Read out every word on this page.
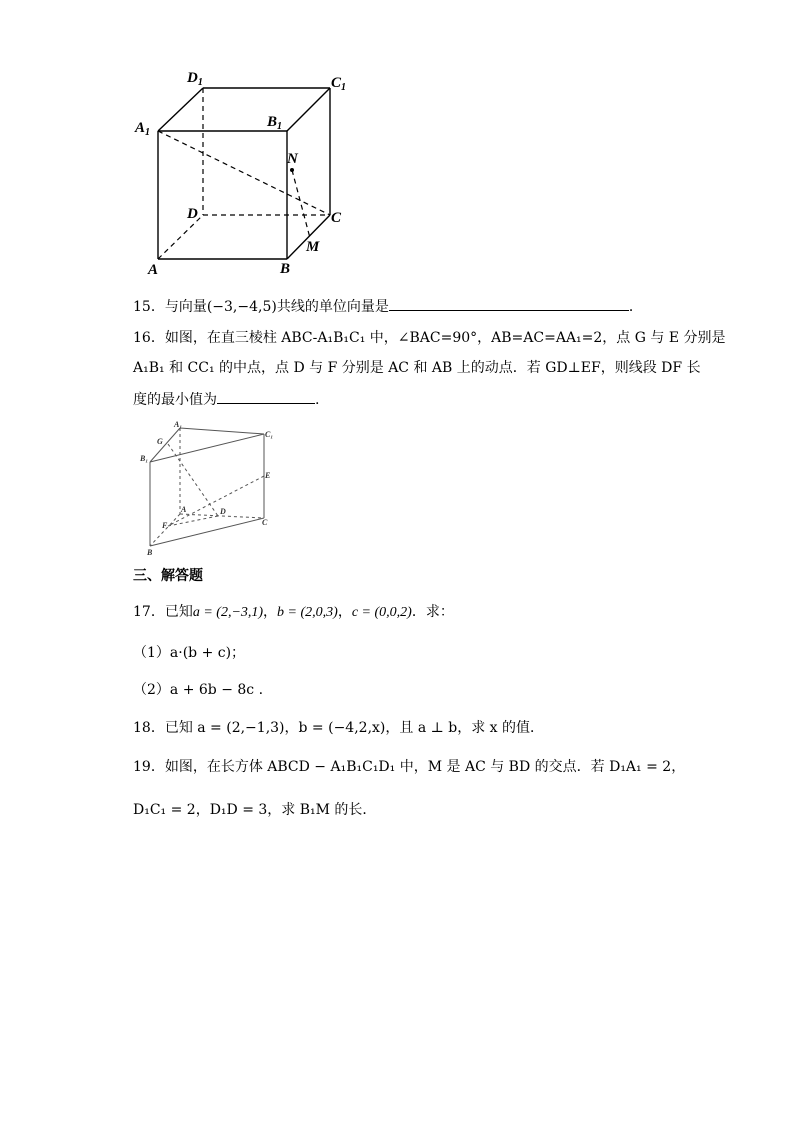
$D_1$	$C_1$
$A_1$
$B_1$
N
D	C
M
A	B
15．与向量(−3,−4,5)共线的单位向量是	．
16．如图，在直三棱柱 ABC-A₁B₁C₁ 中，∠BAC=90°，AB=AC=AA₁=2，点 G 与 E 分别是
A₁B₁ 和 CC₁ 的中点，点 D 与 F 分别是 AC 和 AB 上的动点．若 GD⊥EF，则线段 DF 长
度的最小值为	.
A₁
C₁
G
B₁
E
A	D
F	C
B
三、解答题
17．已知a = (2,−3,1)，b = (2,0,3)，c = (0,0,2)．求：
（1）a·(b + c)；
（2）a + 6b − 8c .
18．已知 a = (2,−1,3)，b = (−4,2,x)，且 a ⊥ b，求 x 的值．
19．如图，在长方体 ABCD − A₁B₁C₁D₁ 中，M 是 AC 与 BD 的交点．若 D₁A₁ = 2，
D₁C₁ = 2，D₁D = 3，求 B₁M 的长．
